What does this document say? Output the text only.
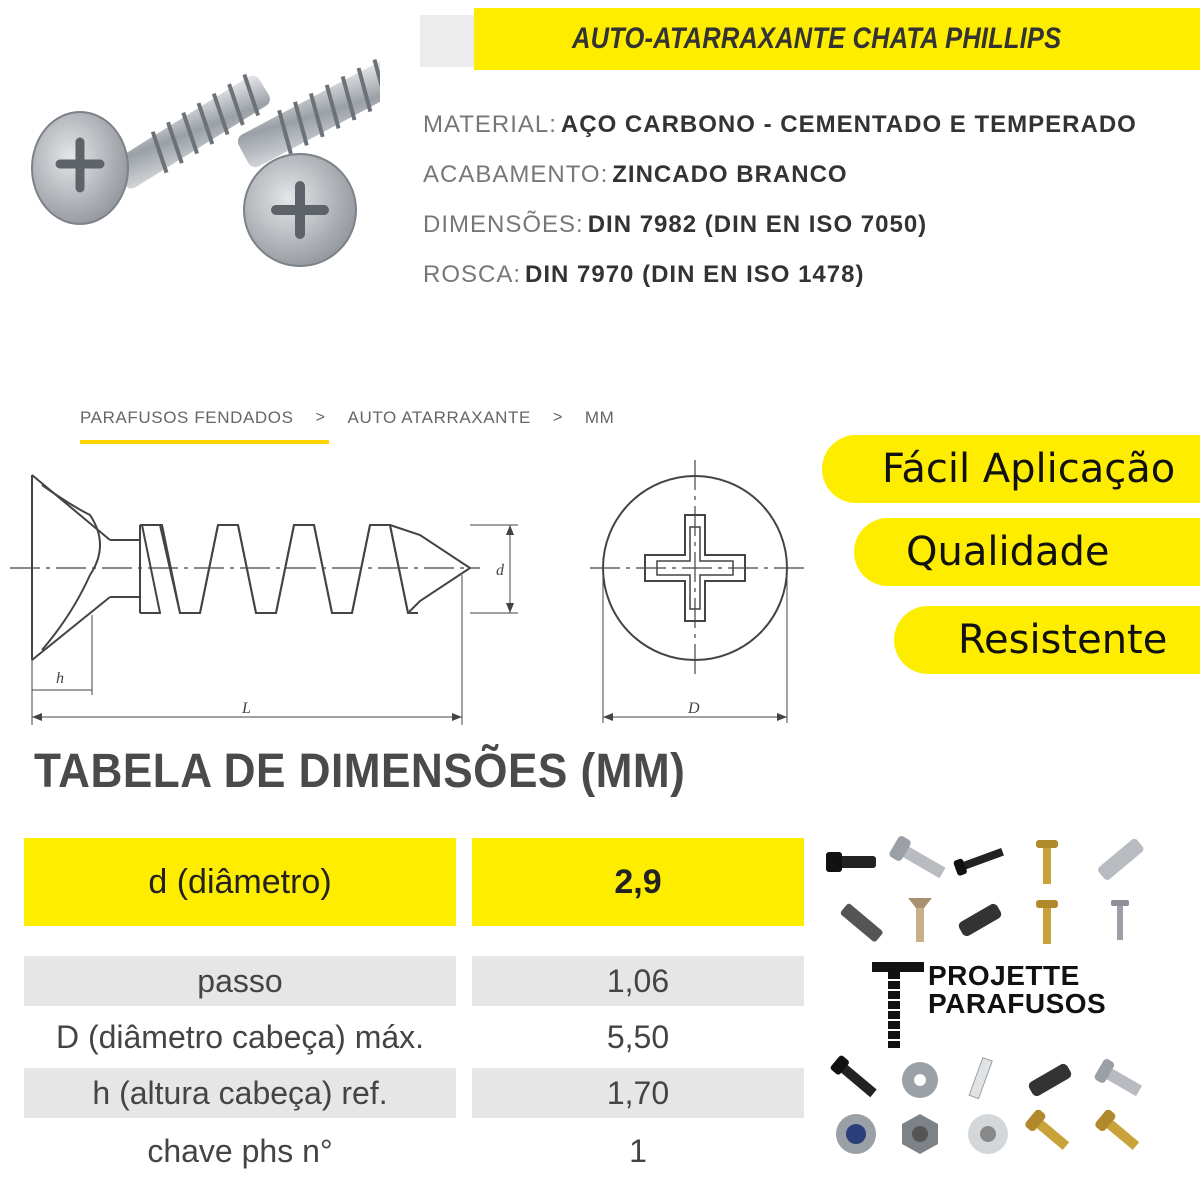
AUTO-ATARRAXANTE CHATA PHILLIPS
MATERIAL: AÇO CARBONO - CEMENTADO E TEMPERADO
ACABAMENTO: ZINCADO BRANCO
DIMENSÕES: DIN 7982 (DIN EN ISO 7050)
ROSCA: DIN 7970 (DIN EN ISO 1478)
PARAFUSOS FENDADOS > AUTO ATARRAXANTE > MM
d
h
L	D
Fácil Aplicação
Qualidade
Resistente
TABELA DE DIMENSÕES (MM)
d (diâmetro)	2,9
passo	1,06
D (diâmetro cabeça) máx.	5,50
h (altura cabeça) ref.	1,70
chave phs n°	1
PROJETTE
PARAFUSOS
